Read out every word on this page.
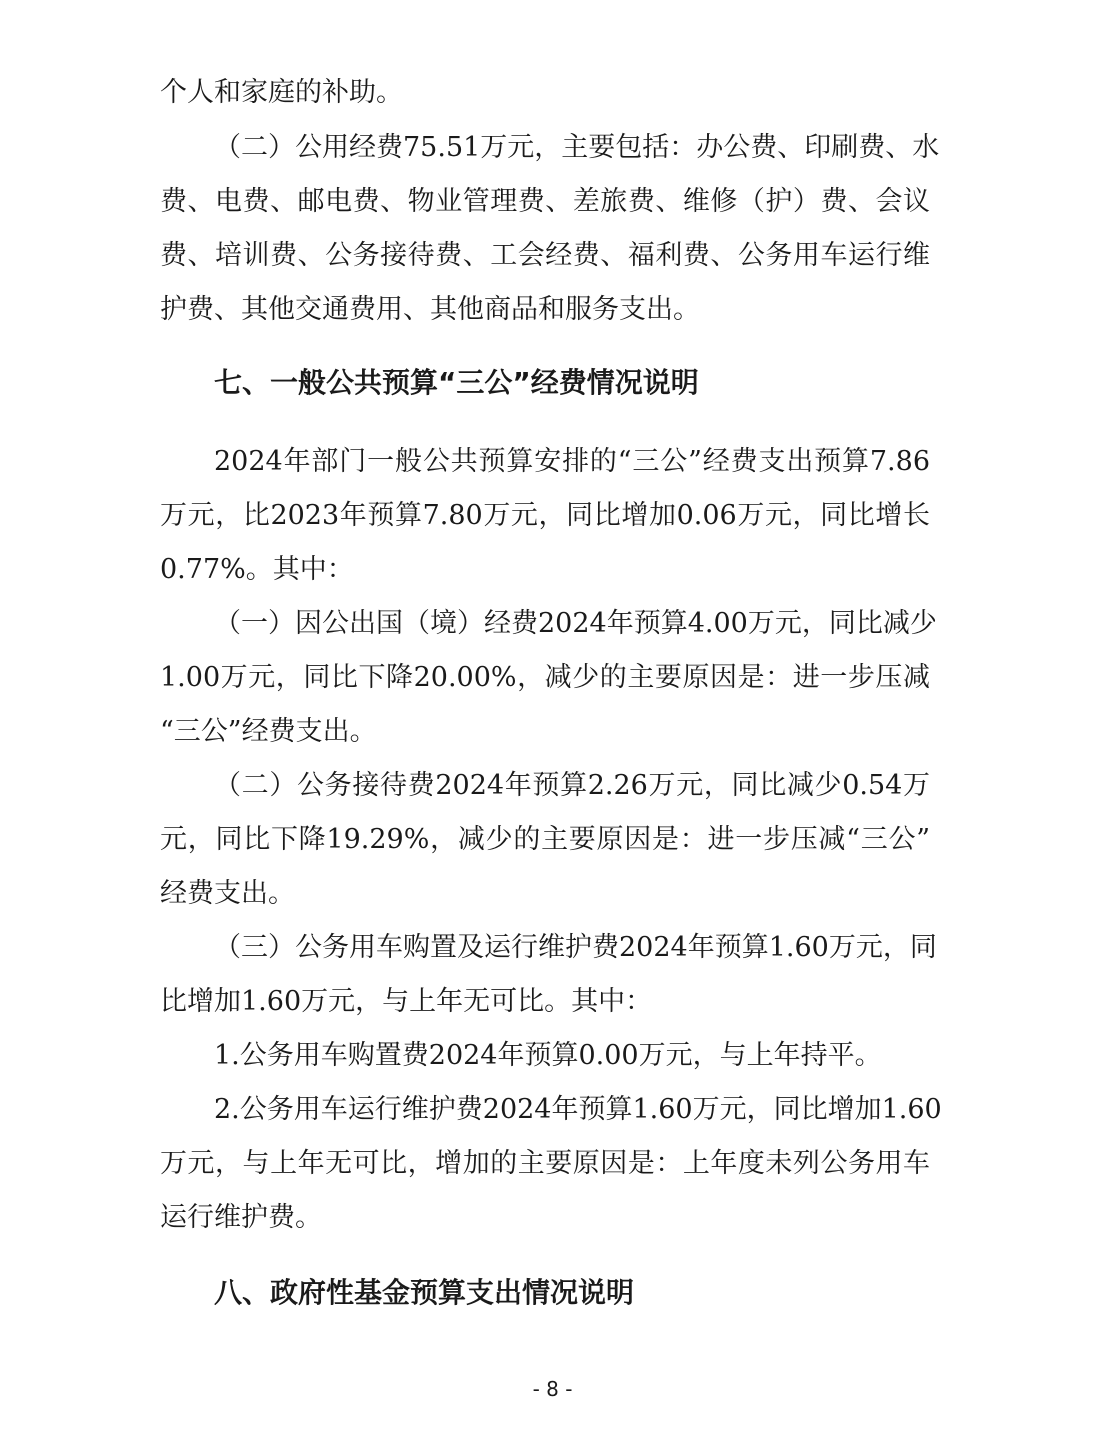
个人和家庭的补助。
（二）公用经费75.51万元，主要包括：办公费、印刷费、水
费、电费、邮电费、物业管理费、差旅费、维修（护）费、会议
费、培训费、公务接待费、工会经费、福利费、公务用车运行维
护费、其他交通费用、其他商品和服务支出。
七、一般公共预算“三公”经费情况说明
2024年部门一般公共预算安排的“三公”经费支出预算7.86
万元，比2023年预算7.80万元，同比增加0.06万元，同比增长
0.77%。其中：
（一）因公出国（境）经费2024年预算4.00万元，同比减少
1.00万元，同比下降20.00%，减少的主要原因是：进一步压减
“三公”经费支出。
（二）公务接待费2024年预算2.26万元，同比减少0.54万
元，同比下降19.29%，减少的主要原因是：进一步压减“三公”
经费支出。
（三）公务用车购置及运行维护费2024年预算1.60万元，同
比增加1.60万元，与上年无可比。其中：
1.公务用车购置费2024年预算0.00万元，与上年持平。
2.公务用车运行维护费2024年预算1.60万元，同比增加1.60
万元，与上年无可比，增加的主要原因是：上年度未列公务用车
运行维护费。
八、政府性基金预算支出情况说明
- 8 -
